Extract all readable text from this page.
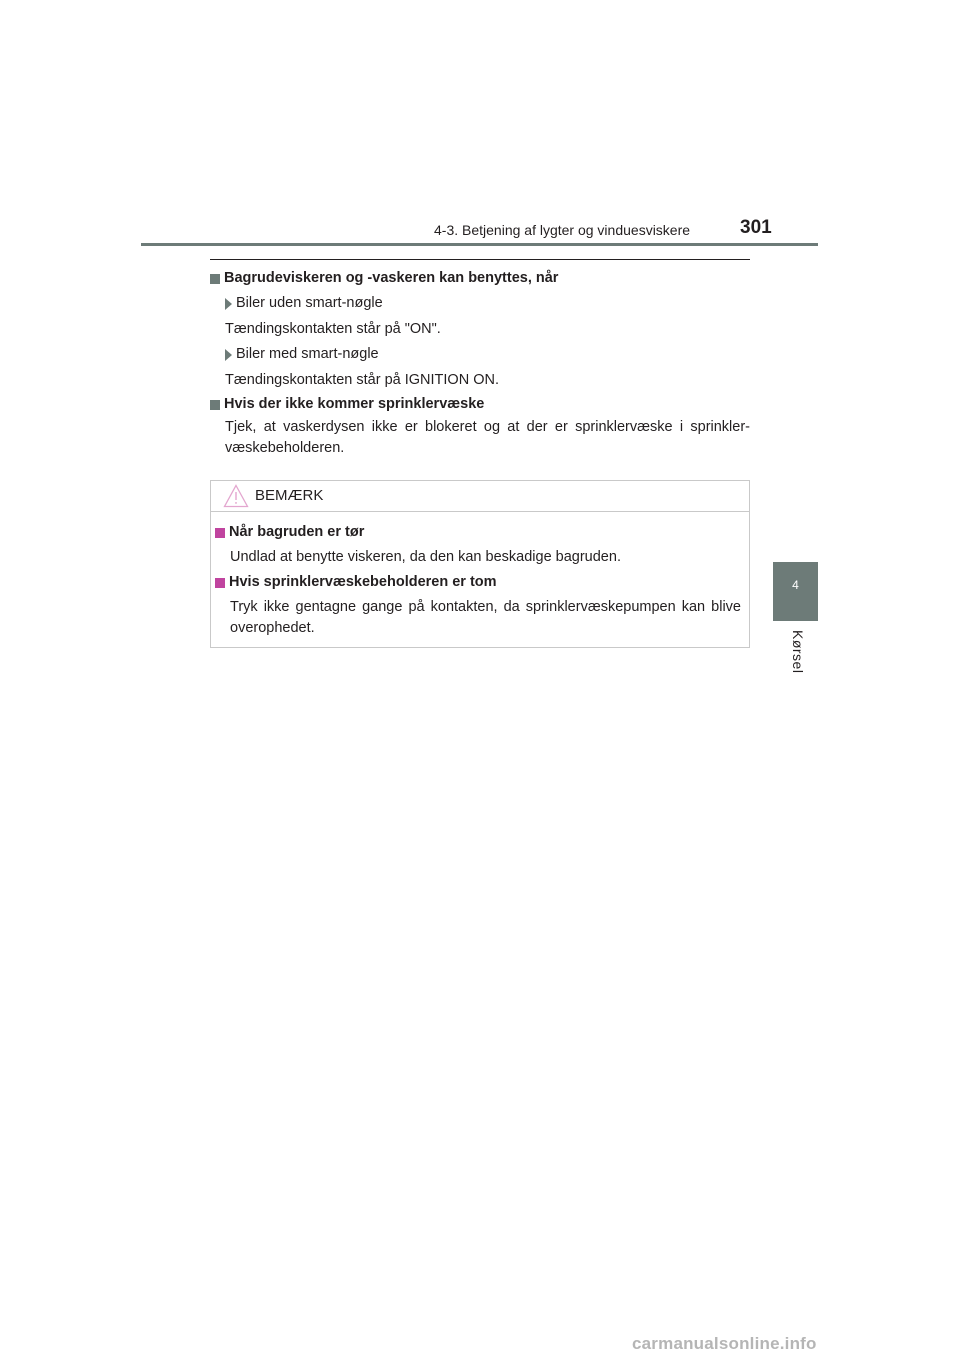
4-3. Betjening af lygter og vinduesviskere	301
4
Kørsel
Bagrudeviskeren og -vaskeren kan benyttes, når
Biler uden smart-nøgle
Tændingskontakten står på "ON".
Biler med smart-nøgle
Tændingskontakten står på IGNITION ON.
Hvis der ikke kommer sprinklervæske
Tjek, at vaskerdysen ikke er blokeret og at der er sprinklervæske i sprinkler-væskebeholderen.
BEMÆRK
Når bagruden er tør
Undlad at benytte viskeren, da den kan beskadige bagruden.
Hvis sprinklervæskebeholderen er tom
Tryk ikke gentagne gange på kontakten, da sprinklervæskepumpen kan blive overophedet.
carmanualsonline.info
